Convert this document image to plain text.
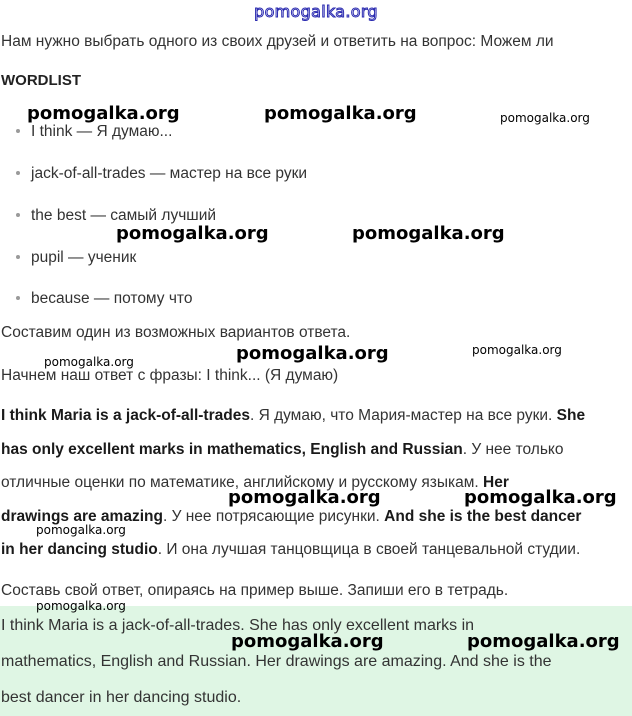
pomogalka.org
Нам нужно выбрать одного из своих друзей и ответить на вопрос: Можем ли
WORDLIST
I think — Я думаю...
jack-of-all-trades — мастер на все руки
the best — самый лучший
pupil — ученик
because — потому что
Составим один из возможных вариантов ответа.
Начнем наш ответ с фразы: I think... (Я думаю)
I think Maria is a jack-of-all-trades. Я думаю, что Мария-мастер на все руки. She
has only excellent marks in mathematics, English and Russian. У нее только
отличные оценки по математике, английскому и русскому языкам. Her
drawings are amazing. У нее потрясающие рисунки. And she is the best dancer
in her dancing studio. И она лучшая танцовщица в своей танцевальной студии.
Составь свой ответ, опираясь на пример выше. Запиши его в тетрадь.
I think Maria is a jack-of-all-trades. She has only excellent marks in
mathematics, English and Russian. Her drawings are amazing. And she is the
best dancer in her dancing studio.
pomogalka.org	pomogalka.org	pomogalka.org
pomogalka.org	pomogalka.org
pomogalka.org	pomogalka.org
pomogalka.org
pomogalka.org	pomogalka.org
pomogalka.org
pomogalka.org
pomogalka.org	pomogalka.org
